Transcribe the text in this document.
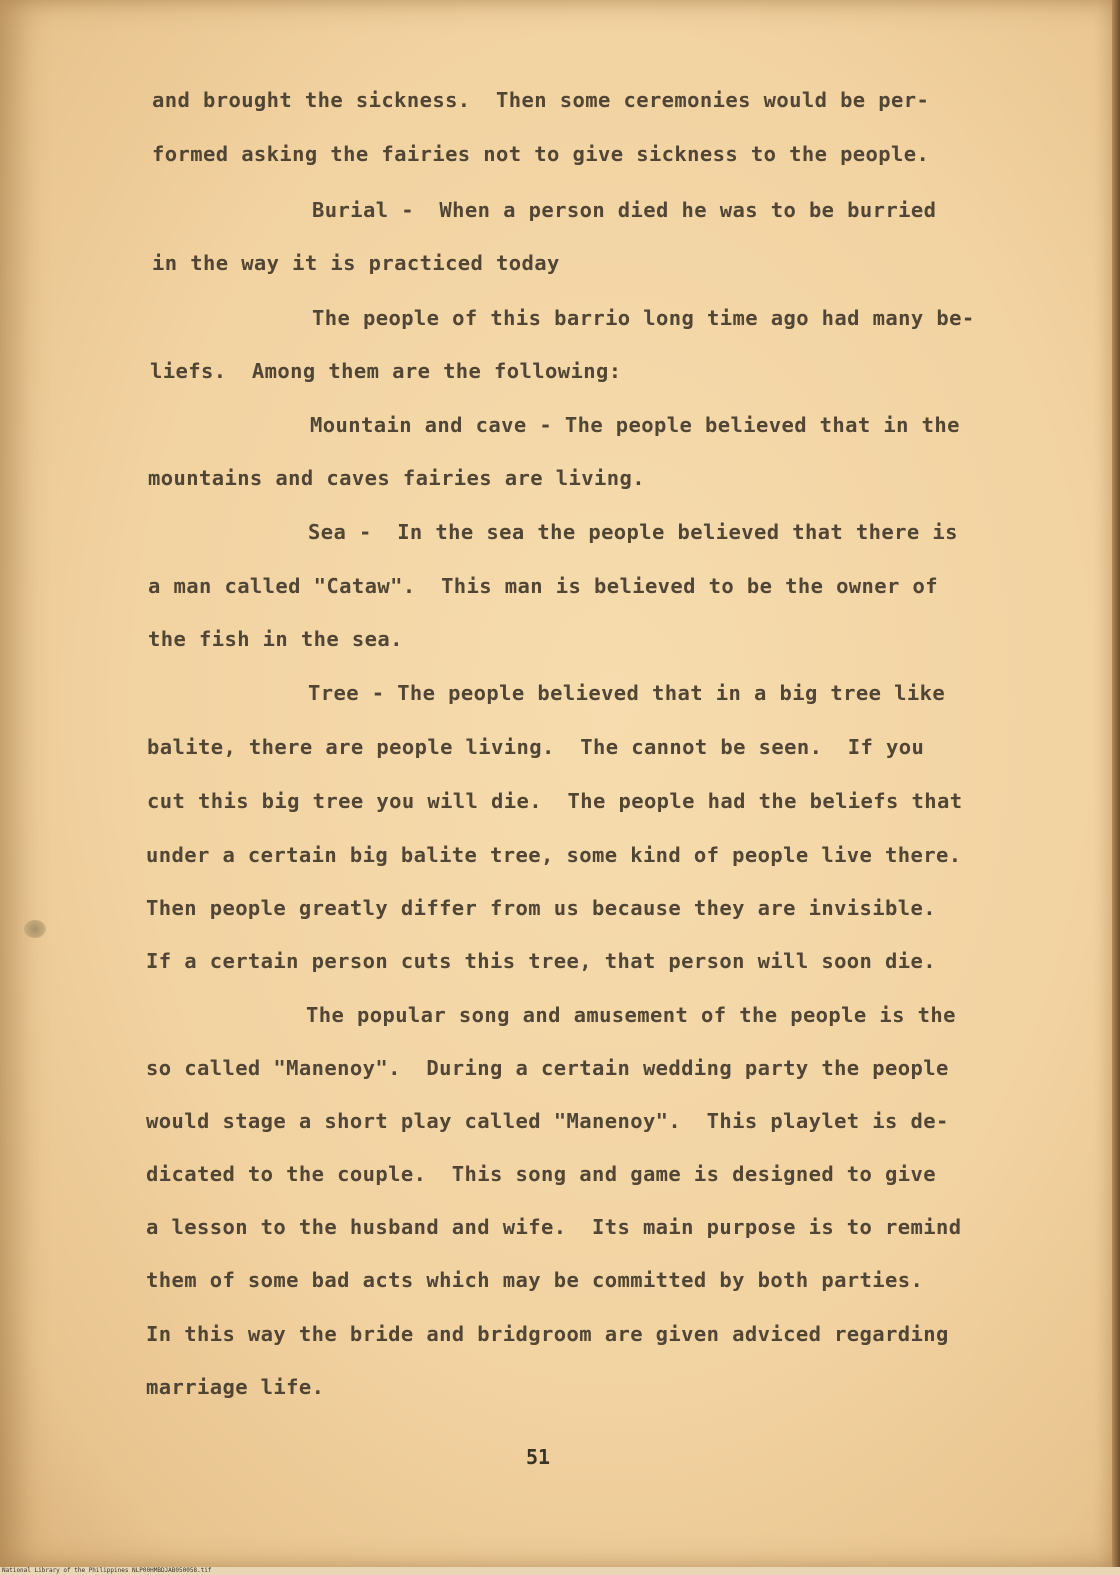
and brought the sickness.  Then some ceremonies would be per-
formed asking the fairies not to give sickness to the people.
Burial -  When a person died he was to be burried
in the way it is practiced today
The people of this barrio long time ago had many be-
liefs.  Among them are the following:
Mountain and cave - The people believed that in the
mountains and caves fairies are living.
Sea -  In the sea the people believed that there is
a man called "Cataw".  This man is believed to be the owner of
the fish in the sea.
Tree - The people believed that in a big tree like
balite, there are people living.  The cannot be seen.  If you
cut this big tree you will die.  The people had the beliefs that
under a certain big balite tree, some kind of people live there.
Then people greatly differ from us because they are invisible.
If a certain person cuts this tree, that person will soon die.
The popular song and amusement of the people is the
so called "Manenoy".  During a certain wedding party the people
would stage a short play called "Manenoy".  This playlet is de-
dicated to the couple.  This song and game is designed to give
a lesson to the husband and wife.  Its main purpose is to remind
them of some bad acts which may be committed by both parties.
In this way the bride and bridgroom are given adviced regarding
marriage life.
51
National Library of the Philippines NLP00HMBDJAB050058.tif
